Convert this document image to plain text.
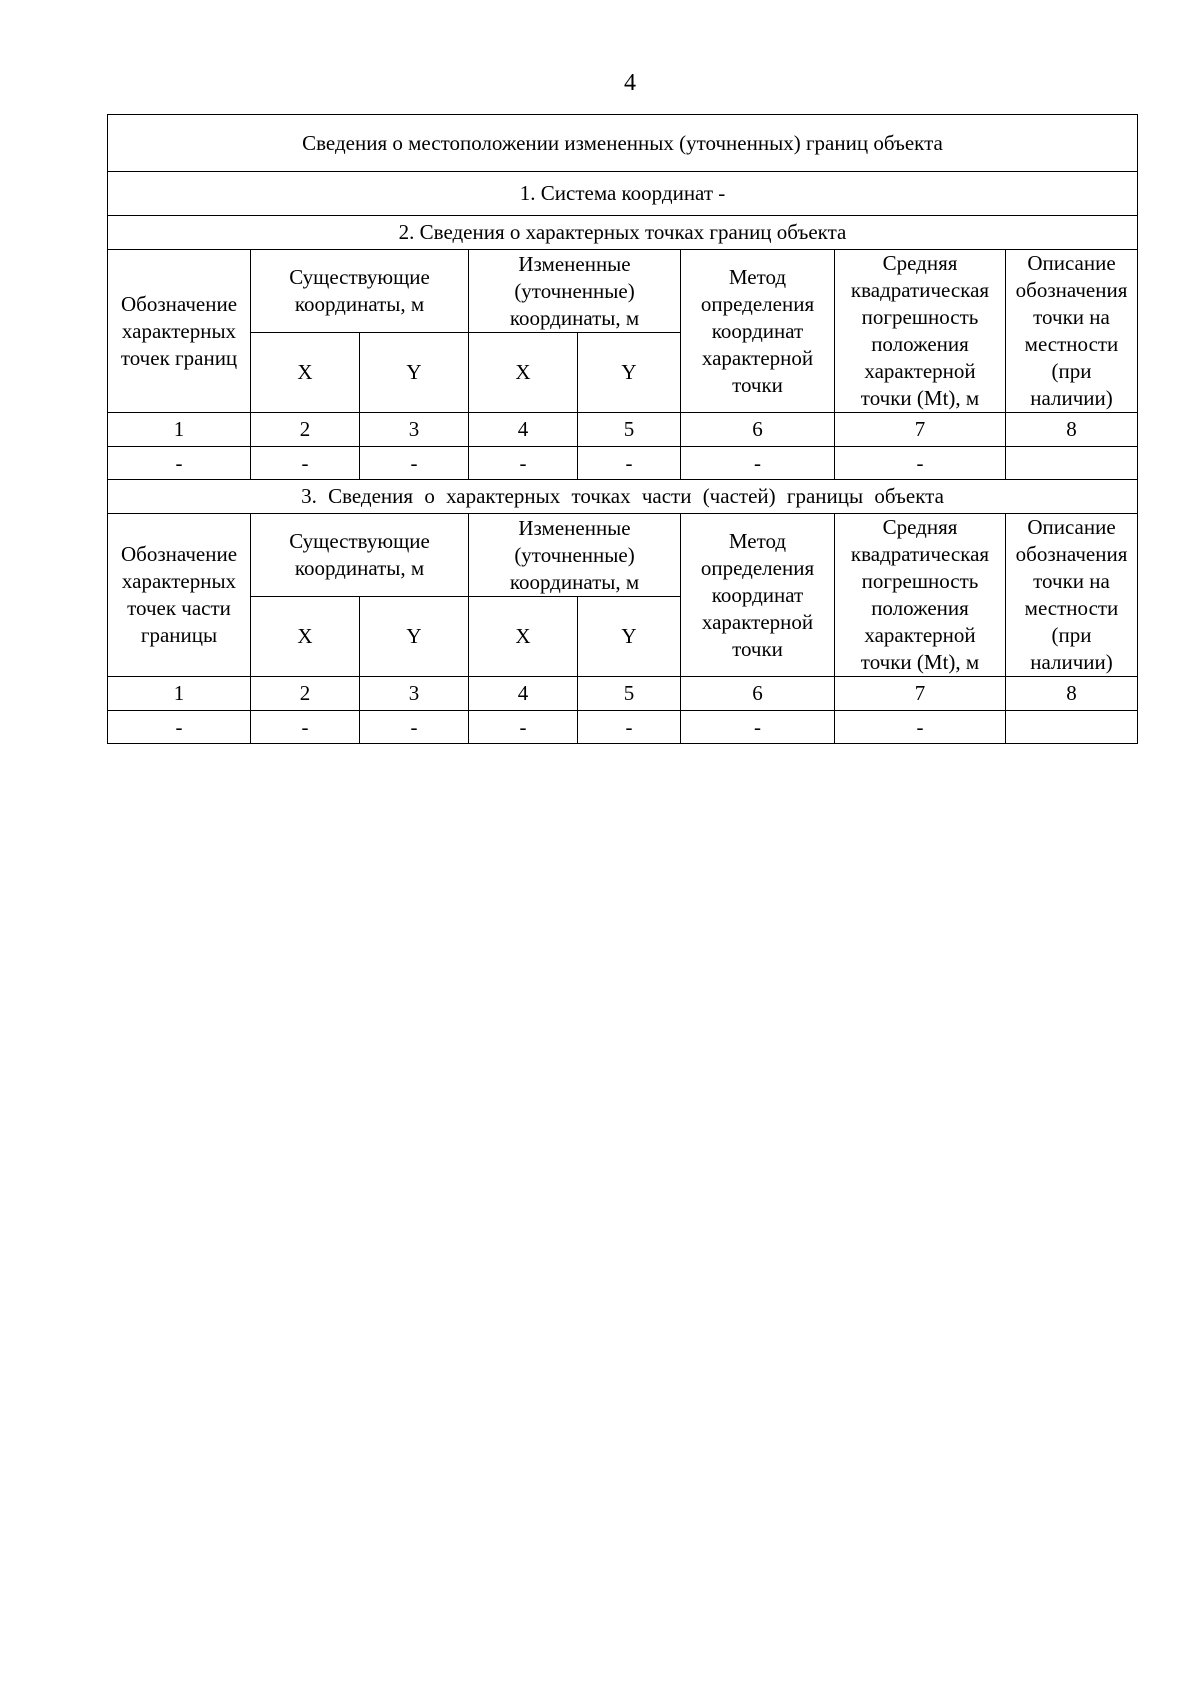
4
Сведения о местоположении измененных (уточненных) границ объекта							
1. Система координат -							
2. Сведения о характерных точках границ объекта							
Обозначение характерных точек границ	Существующие координаты, м		Измененные (уточненные) координаты, м		Метод определения координат характерной точки	Средняя квадратическая погрешность положения характерной точки (Mt), м	Описание обозначения точки на местности (при наличии)
	X	Y	X	Y			
1	2	3	4	5	6	7	8
-	-	-	-	-	-	-	
3. Сведения о характерных точках части (частей) границы объекта							
Обозначение характерных точек части границы	Существующие координаты, м		Измененные (уточненные) координаты, м		Метод определения координат характерной точки	Средняя квадратическая погрешность положения характерной точки (Mt), м	Описание обозначения точки на местности (при наличии)
	X	Y	X	Y			
1	2	3	4	5	6	7	8
-	-	-	-	-	-	-	
